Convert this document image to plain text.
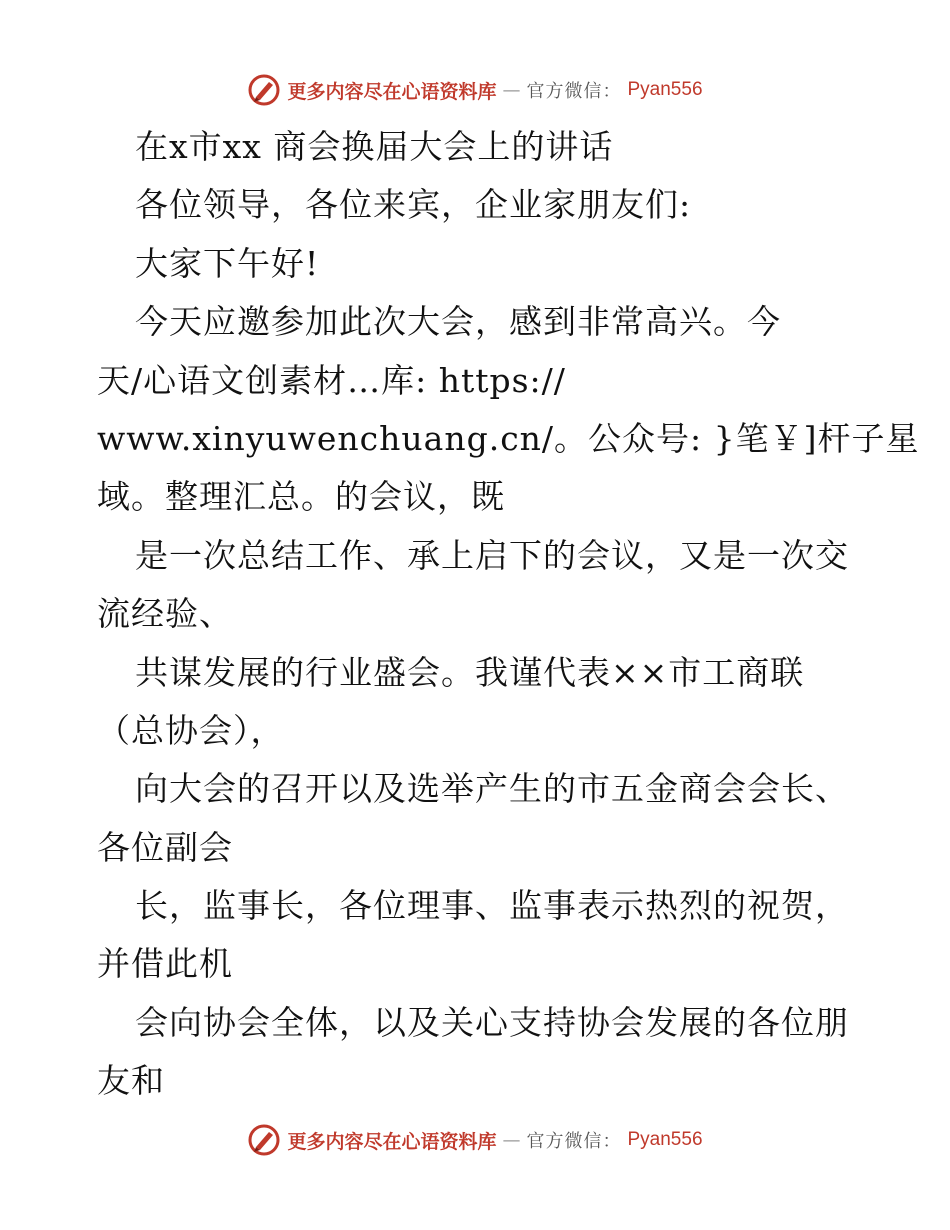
更多内容尽在心语资料库 — 官方微信： Pyan556
在x市xx 商会换届大会上的讲话
各位领导，各位来宾，企业家朋友们:
大家下午好!
今天应邀参加此次大会，感到非常高兴。今
天/心语文创素材…库: https://
www.xinyuwenchuang.cn/。公众号: }笔￥]杆子星
域。整理汇总。的会议，既
是一次总结工作、承上启下的会议，又是一次交
流经验、
共谋发展的行业盛会。我谨代表××市工商联
（总协会），
向大会的召开以及选举产生的市五金商会会长、
各位副会
长，监事长，各位理事、监事表示热烈的祝贺，
并借此机
会向协会全体，以及关心支持协会发展的各位朋
友和
更多内容尽在心语资料库 — 官方微信： Pyan556
